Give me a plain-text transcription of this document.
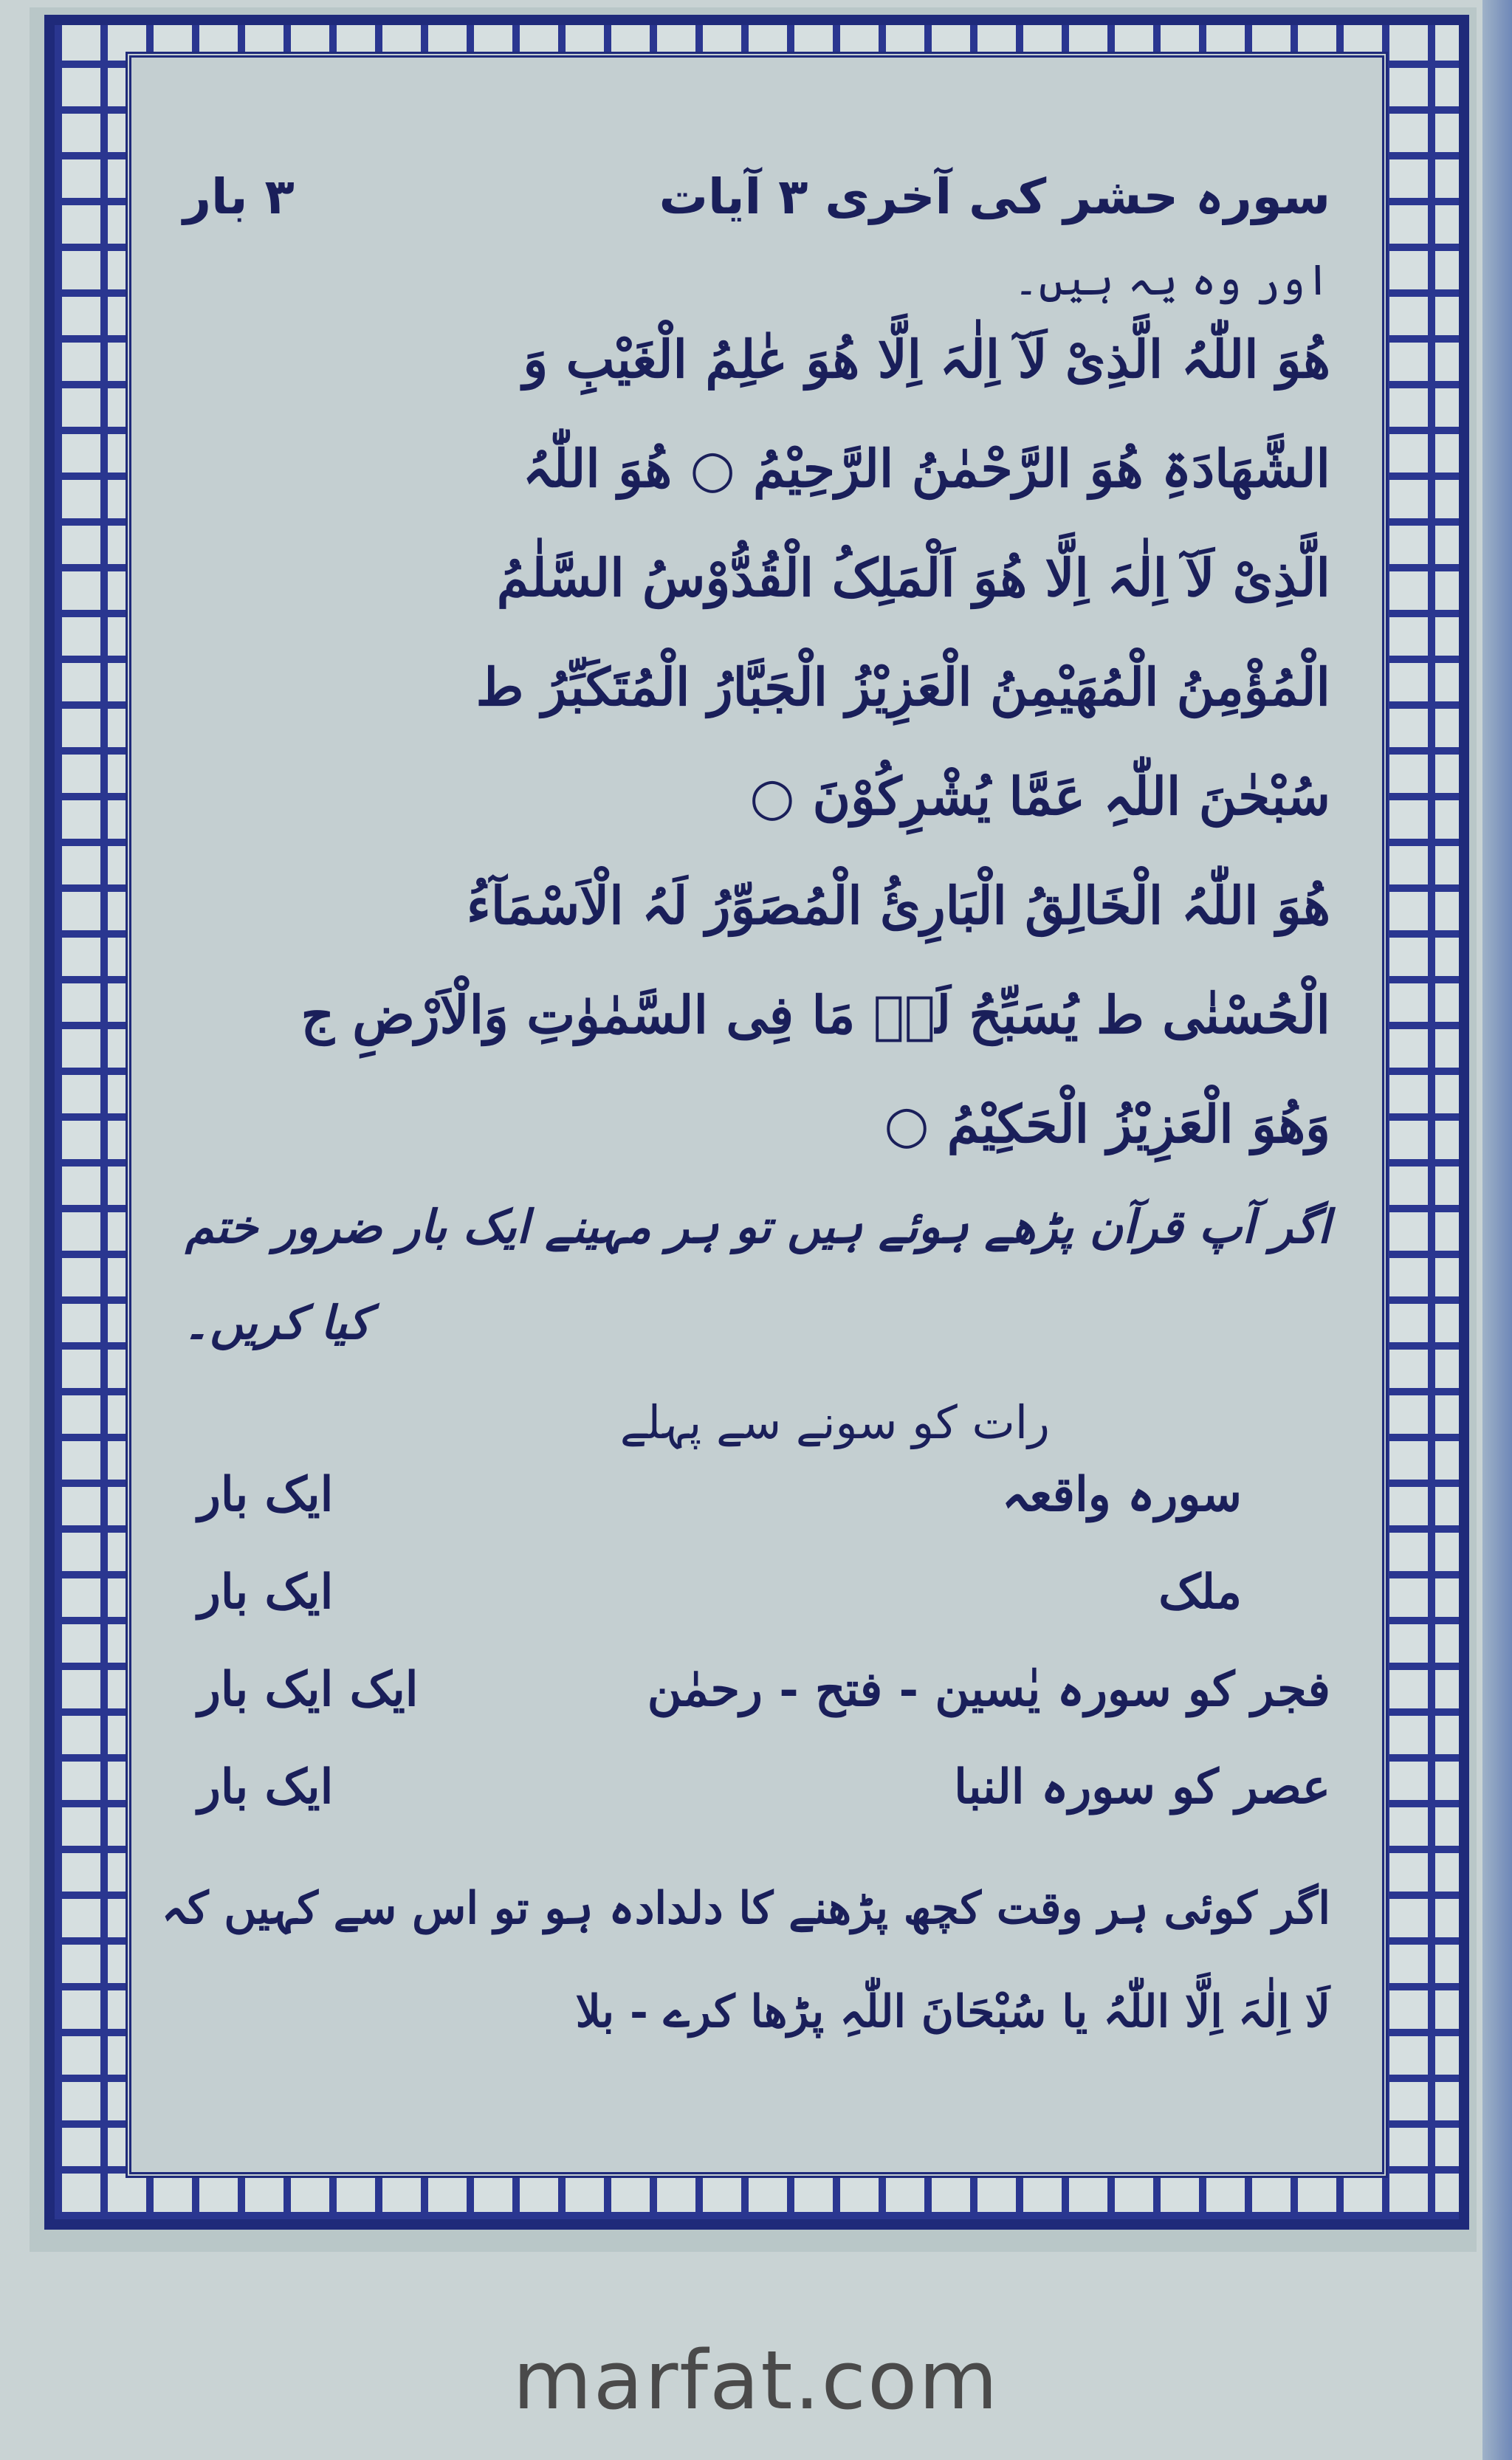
سورہ حشر کی آخری ۳ آیات
۳ بار
اور وہ یہ ہیں۔
ھُوَ اللّٰہُ الَّذِیْ لَآ اِلٰہَ اِلَّا ھُوَ عٰلِمُ الْغَیْبِ وَ
الشَّھَادَۃِ ھُوَ الرَّحْمٰنُ الرَّحِیْمُ ○ ھُوَ اللّٰہُ
الَّذِیْ لَآ اِلٰہَ اِلَّا ھُوَ اَلْمَلِکُ الْقُدُّوْسُ السَّلٰمُ
الْمُؤْمِنُ الْمُھَیْمِنُ الْعَزِیْزُ الْجَبَّارُ الْمُتَکَبِّرُ ط
سُبْحٰنَ اللّٰہِ عَمَّا یُشْرِکُوْنَ ○
ھُوَ اللّٰہُ الْخَالِقُ الْبَارِئُ الْمُصَوِّرُ لَہُ الْاَسْمَآءُ
الْحُسْنٰی ط یُسَبِّحُ لَہٗ مَا فِی السَّمٰوٰتِ وَالْاَرْضِ ج
وَھُوَ الْعَزِیْزُ الْحَکِیْمُ ○
اگر آپ قرآن پڑھے ہوئے ہیں تو ہر مہینے ایک بار ضرور ختم
کیا کریں۔
رات کو سونے سے پہلے
سورہ واقعہ
ایک بار
ملک
ایک بار
فجر کو سورہ یٰسین - فتح - رحمٰن
ایک ایک بار
عصر کو سورہ النبا
ایک بار
اگر کوئی ہر وقت کچھ پڑھنے کا دلدادہ ہو تو اس سے کہیں کہ
لَا اِلٰہَ اِلَّا اللّٰہُ یا سُبْحَانَ اللّٰہِ پڑھا کرے - بلا
marfat.com
